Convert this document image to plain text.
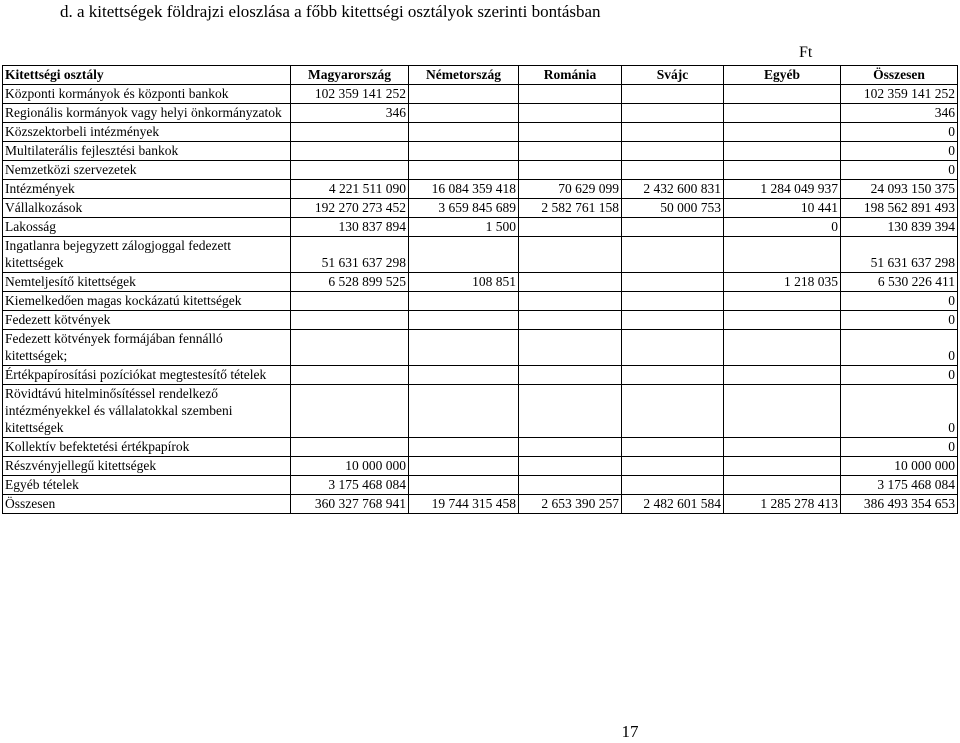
d. a kitettségek földrajzi eloszlása a főbb kitettségi osztályok szerinti bontásban
Ft
Kitettségi osztály	Magyarország	Németország	Románia	Svájc	Egyéb	Összesen
Központi kormányok és központi bankok	102 359 141 252					102 359 141 252
Regionális kormányok vagy helyi önkormányzatok	346					346
Közszektorbeli intézmények						0
Multilaterális fejlesztési bankok						0
Nemzetközi szervezetek						0
Intézmények	4 221 511 090	16 084 359 418	70 629 099	2 432 600 831	1 284 049 937	24 093 150 375
Vállalkozások	192 270 273 452	3 659 845 689	2 582 761 158	50 000 753	10 441	198 562 891 493
Lakosság	130 837 894	1 500			0	130 839 394
Ingatlanra bejegyzett zálogjoggal fedezett kitettségek	51 631 637 298					51 631 637 298
Nemteljesítő kitettségek	6 528 899 525	108 851			1 218 035	6 530 226 411
Kiemelkedően magas kockázatú kitettségek						0
Fedezett kötvények						0
Fedezett kötvények formájában fennálló kitettségek;						0
Értékpapírosítási pozíciókat megtestesítő tételek						0
Rövidtávú hitelminősítéssel rendelkező intézményekkel és vállalatokkal szembeni kitettségek						0
Kollektív befektetési értékpapírok						0
Részvényjellegű kitettségek	10 000 000					10 000 000
Egyéb tételek	3 175 468 084					3 175 468 084
Összesen	360 327 768 941	19 744 315 458	2 653 390 257	2 482 601 584	1 285 278 413	386 493 354 653
17
